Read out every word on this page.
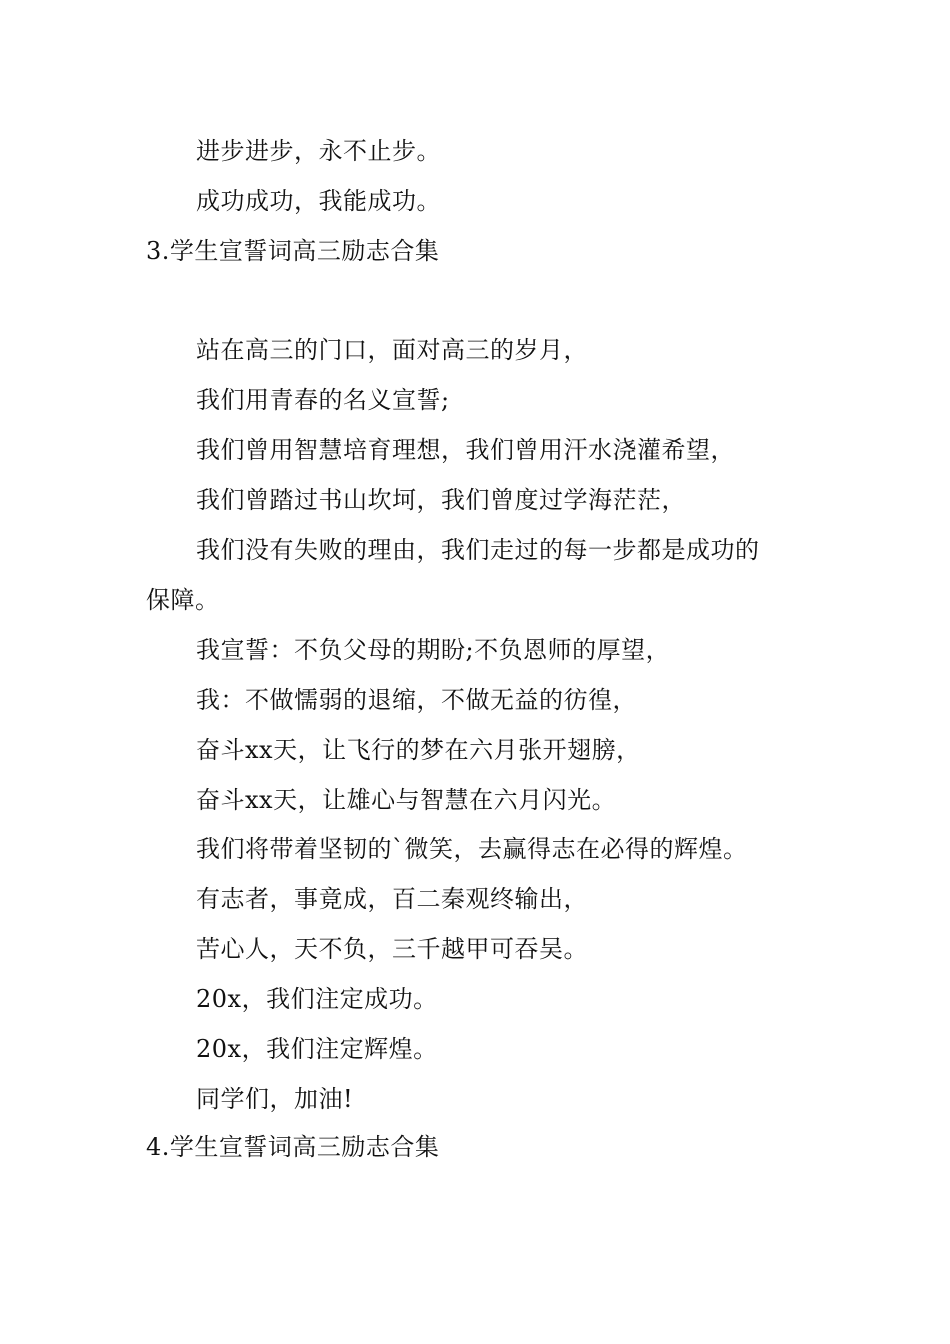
进步进步，永不止步。
成功成功，我能成功。
3.学生宣誓词高三励志合集
站在高三的门口，面对高三的岁月，
我们用青春的名义宣誓;
我们曾用智慧培育理想，我们曾用汗水浇灌希望，
我们曾踏过书山坎坷，我们曾度过学海茫茫，
我们没有失败的理由，我们走过的每一步都是成功的
保障。
我宣誓：不负父母的期盼;不负恩师的厚望，
我：不做懦弱的退缩，不做无益的彷徨，
奋斗xx天，让飞行的梦在六月张开翅膀，
奋斗xx天，让雄心与智慧在六月闪光。
我们将带着坚韧的`微笑，去赢得志在必得的辉煌。
有志者，事竟成，百二秦观终输出，
苦心人，天不负，三千越甲可吞吴。
20x，我们注定成功。
20x，我们注定辉煌。
同学们，加油!
4.学生宣誓词高三励志合集
